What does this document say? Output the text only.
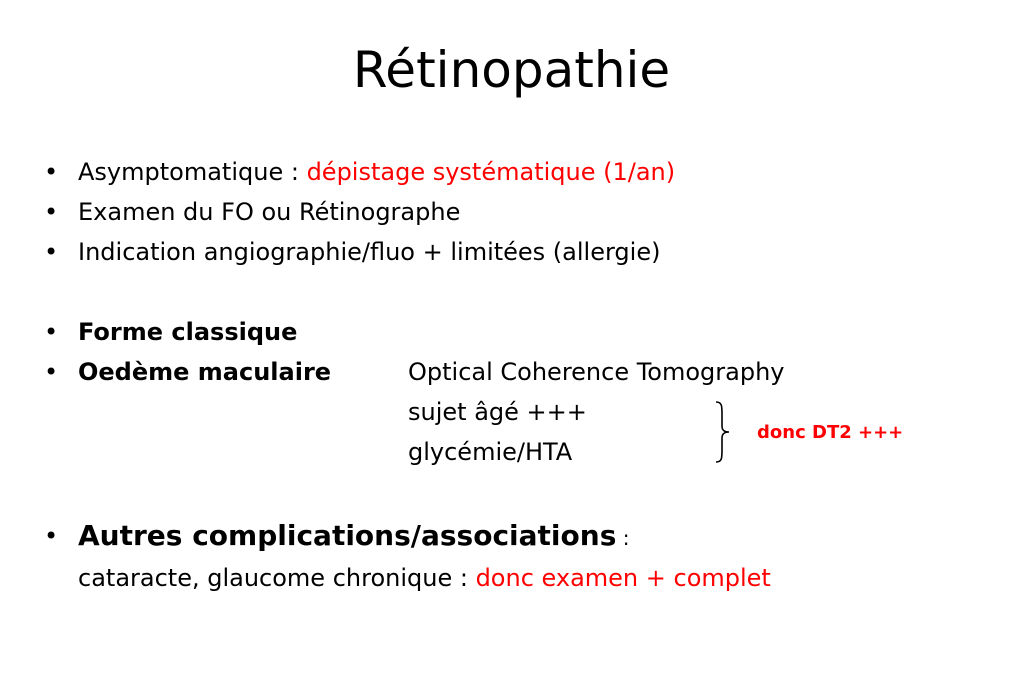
Rétinopathie
• Asymptomatique : dépistage systématique (1/an)
• Examen du FO ou Rétinographe
• Indication angiographie/fluo + limitées (allergie)
• Forme classique
• Oedème maculaire	Optical Coherence Tomography
sujet âgé +++
glycémie/HTA
donc DT2 +++
• Autres complications/associations :
cataracte, glaucome chronique : donc examen + complet
